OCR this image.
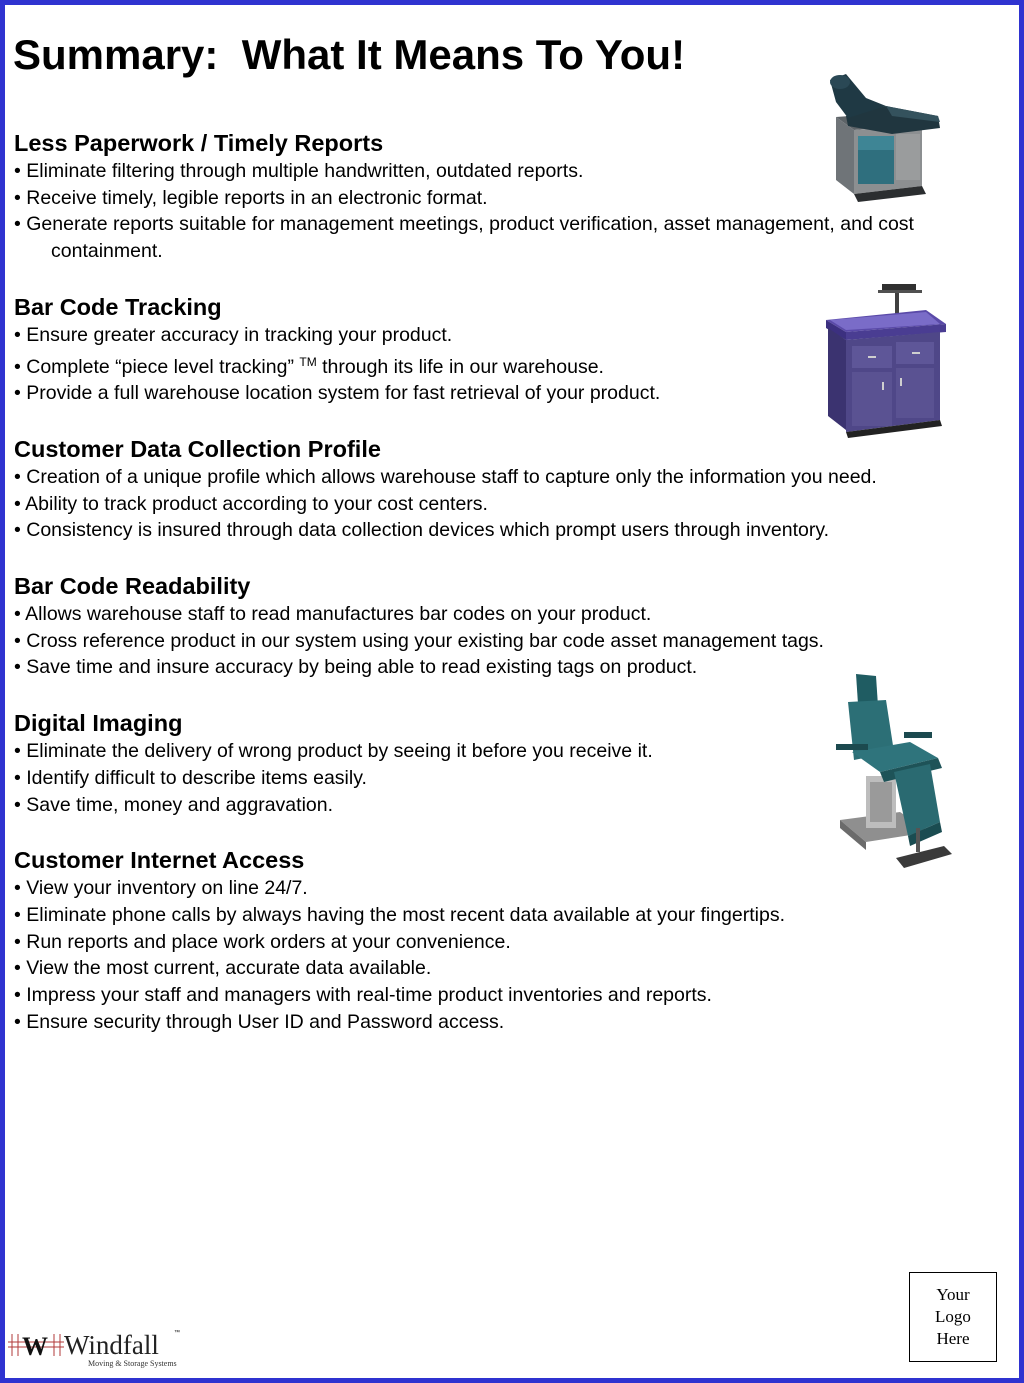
Summary:  What It Means To You!

Less Paperwork / Timely Reports

• Eliminate filtering through multiple handwritten, outdated reports.

• Receive timely, legible reports in an electronic format.

• Generate reports suitable for management meetings, product verification, asset management, and cost containment.

Bar Code Tracking

• Ensure greater accuracy in tracking your product.

• Complete “piece level tracking” ™ through its life in our warehouse.

• Provide a full warehouse location system for fast retrieval of your product.

Customer Data Collection Profile

• Creation of a unique profile which allows warehouse staff to capture only the information you need.

• Ability to track product according to your cost centers.

• Consistency is insured through data collection devices which prompt users through inventory.

Bar Code Readability

• Allows warehouse staff to read manufactures bar codes on your product.

• Cross reference product in our system using your existing bar code asset management tags.

• Save time and insure accuracy by being able to read existing tags on product.

Digital Imaging

• Eliminate the delivery of wrong product by seeing it before you receive it.

• Identify difficult to describe items easily.

• Save time, money and aggravation.

Customer Internet Access

• View your inventory on line 24/7.

• Eliminate phone calls by always having the most recent data available at your fingertips.

• Run reports and place work orders at your convenience.

• View the most current, accurate data available.

• Impress your staff and managers with real-time product inventories and reports.

• Ensure security through User ID and Password access.

Your
Logo
Here
W Windfall	™
Moving & Storage Systems
